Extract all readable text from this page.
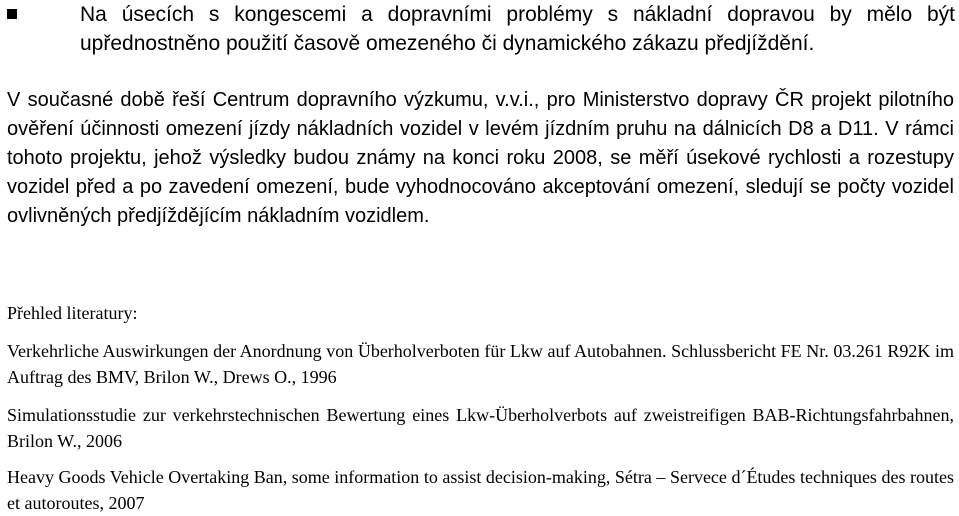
Na úsecích s kongescemi a dopravními problémy s nákladní dopravou by mělo být upřednostněno použití časově omezeného či dynamického zákazu předjíždění.
V současné době řeší Centrum dopravního výzkumu, v.v.i., pro Ministerstvo dopravy ČR projekt pilotního ověření účinnosti omezení jízdy nákladních vozidel v levém jízdním pruhu na dálnicích D8 a D11. V rámci tohoto projektu, jehož výsledky budou známy na konci roku 2008, se měří úsekové rychlosti a rozestupy vozidel před a po zavedení omezení, bude vyhodnocováno akceptování omezení, sledují se počty vozidel ovlivněných předjíždějícím nákladním vozidlem.
Přehled literatury:
Verkehrliche Auswirkungen der Anordnung von Überholverboten für Lkw auf Autobahnen. Schlussbericht FE Nr. 03.261 R92K im Auftrag des BMV, Brilon W., Drews O., 1996
Simulationsstudie zur verkehrstechnischen Bewertung eines Lkw-Überholverbots auf zweistreifigen BAB-Richtungsfahrbahnen, Brilon W., 2006
Heavy Goods Vehicle Overtaking Ban, some information to assist decision-making, Sétra – Servece d´Études techniques des routes et autoroutes, 2007
